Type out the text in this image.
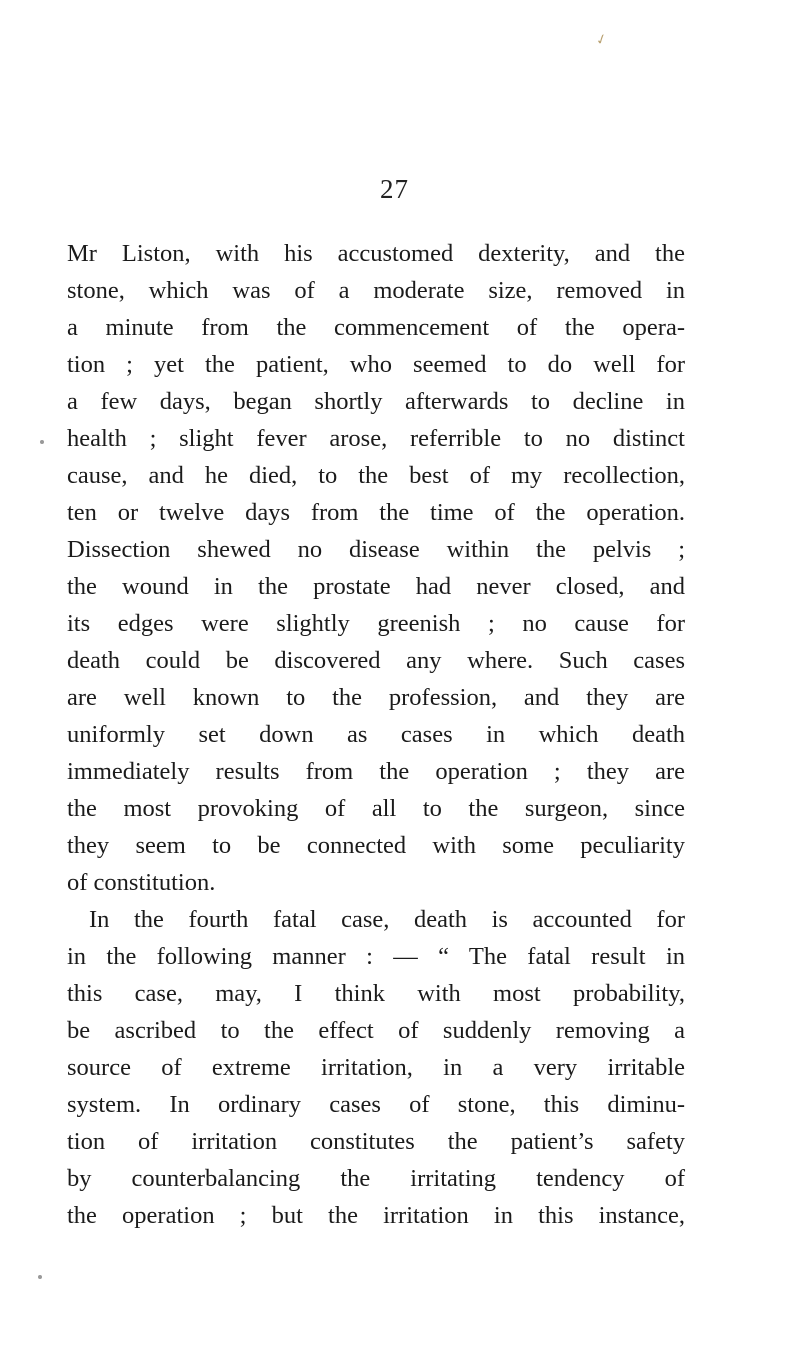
✓
27
Mr Liston, with his accustomed dexterity, and the
stone, which was of a moderate size, removed in
a minute from the commencement of the opera-
tion ; yet the patient, who seemed to do well for
a few days, began shortly afterwards to decline in
health ; slight fever arose, referrible to no distinct
cause, and he died, to the best of my recollection,
ten or twelve days from the time of the operation.
Dissection shewed no disease within the pelvis ;
the wound in the prostate had never closed, and
its edges were slightly greenish ; no cause for
death could be discovered any where. Such cases
are well known to the profession, and they are
uniformly set down as cases in which death
immediately results from the operation ; they are
the most provoking of all to the surgeon, since
they seem to be connected with some peculiarity
of constitution.
In the fourth fatal case, death is accounted for
in the following manner : — “ The fatal result in
this case, may, I think with most probability,
be ascribed to the effect of suddenly removing a
source of extreme irritation, in a very irritable
system. In ordinary cases of stone, this diminu-
tion of irritation constitutes the patient’s safety
by counterbalancing the irritating tendency of
the operation ; but the irritation in this instance,
